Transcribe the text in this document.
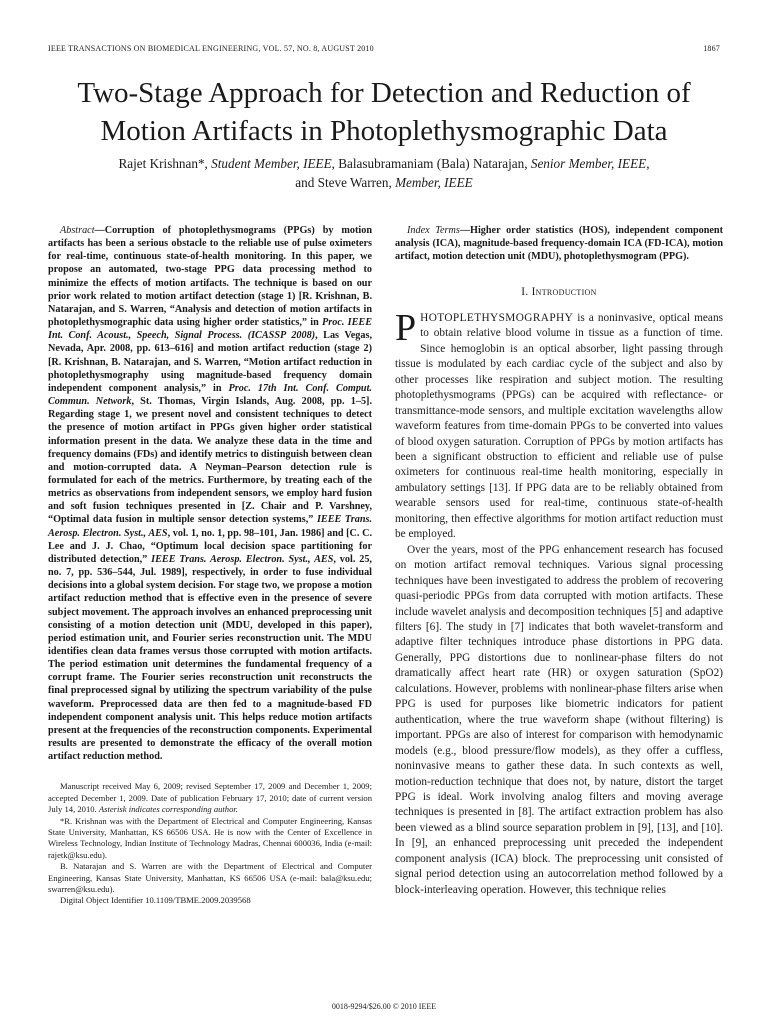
IEEE TRANSACTIONS ON BIOMEDICAL ENGINEERING, VOL. 57, NO. 8, AUGUST 2010	1867
Two-Stage Approach for Detection and Reduction of
Motion Artifacts in Photoplethysmographic Data
Rajet Krishnan*, Student Member, IEEE, Balasubramaniam (Bala) Natarajan, Senior Member, IEEE,
and Steve Warren, Member, IEEE

Abstract—Corruption of photoplethysmograms (PPGs) by motion artifacts has been a serious obstacle to the reliable use of pulse oximeters for real-time, continuous state-of-health monitoring. In this paper, we propose an automated, two-stage PPG data processing method to minimize the effects of motion artifacts. The technique is based on our prior work related to motion artifact detection (stage 1) [R. Krishnan, B. Natarajan, and S. Warren, “Analysis and detection of motion artifacts in photoplethysmographic data using higher order statistics,” in Proc. IEEE Int. Conf. Acoust., Speech, Signal Process. (ICASSP 2008), Las Vegas, Nevada, Apr. 2008, pp. 613–616] and motion artifact reduction (stage 2) [R. Krishnan, B. Natarajan, and S. Warren, “Motion artifact reduction in photoplethysmography using magnitude-based frequency domain independent component analysis,” in Proc. 17th Int. Conf. Comput. Commun. Network, St. Thomas, Virgin Islands, Aug. 2008, pp. 1–5]. Regarding stage 1, we present novel and consistent techniques to detect the presence of motion artifact in PPGs given higher order statistical information present in the data. We analyze these data in the time and frequency domains (FDs) and identify metrics to distinguish between clean and motion-corrupted data. A Neyman–Pearson detection rule is formulated for each of the metrics. Furthermore, by treating each of the metrics as observations from independent sensors, we employ hard fusion and soft fusion techniques presented in [Z. Chair and P. Varshney, “Optimal data fusion in multiple sensor detection systems,” IEEE Trans. Aerosp. Electron. Syst., AES, vol. 1, no. 1, pp. 98–101, Jan. 1986] and [C. C. Lee and J. J. Chao, “Optimum local decision space partitioning for distributed detection,” IEEE Trans. Aerosp. Electron. Syst., AES, vol. 25, no. 7, pp. 536–544, Jul. 1989], respectively, in order to fuse individual decisions into a global system decision. For stage two, we propose a motion artifact reduction method that is effective even in the presence of severe subject movement. The approach involves an enhanced preprocessing unit consisting of a motion detection unit (MDU, developed in this paper), period estimation unit, and Fourier series reconstruction unit. The MDU identifies clean data frames versus those corrupted with motion artifacts. The period estimation unit determines the fundamental frequency of a corrupt frame. The Fourier series reconstruction unit reconstructs the final preprocessed signal by utilizing the spectrum variability of the pulse waveform. Preprocessed data are then fed to a magnitude-based FD independent component analysis unit. This helps reduce motion artifacts present at the frequencies of the reconstruction components. Experimental results are presented to demonstrate the efficacy of the overall motion artifact reduction method.

Manuscript received May 6, 2009; revised September 17, 2009 and December 1, 2009; accepted December 1, 2009. Date of publication February 17, 2010; date of current version July 14, 2010. Asterisk indicates corresponding author.

*R. Krishnan was with the Department of Electrical and Computer Engineering, Kansas State University, Manhattan, KS 66506 USA. He is now with the Center of Excellence in Wireless Technology, Indian Institute of Technology Madras, Chennai 600036, India (e-mail: rajetk@ksu.edu).

B. Natarajan and S. Warren are with the Department of Electrical and Computer Engineering, Kansas State University, Manhattan, KS 66506 USA (e-mail: bala@ksu.edu; swarren@ksu.edu).

Digital Object Identifier 10.1109/TBME.2009.2039568

Index Terms—Higher order statistics (HOS), independent component analysis (ICA), magnitude-based frequency-domain ICA (FD-ICA), motion artifact, motion detection unit (MDU), photoplethysmogram (PPG).

I. Introduction

PHOTOPLETHYSMOGRAPHY is a noninvasive, optical means to obtain relative blood volume in tissue as a function of time. Since hemoglobin is an optical absorber, light passing through tissue is modulated by each cardiac cycle of the subject and also by other processes like respiration and subject motion. The resulting photoplethysmograms (PPGs) can be acquired with reflectance- or transmittance-mode sensors, and multiple excitation wavelengths allow waveform features from time-domain PPGs to be converted into values of blood oxygen saturation. Corruption of PPGs by motion artifacts has been a significant obstruction to efficient and reliable use of pulse oximeters for continuous real-time health monitoring, especially in ambulatory settings [13]. If PPG data are to be reliably obtained from wearable sensors used for real-time, continuous state-of-health monitoring, then effective algorithms for motion artifact reduction must be employed.

Over the years, most of the PPG enhancement research has focused on motion artifact removal techniques. Various signal processing techniques have been investigated to address the problem of recovering quasi-periodic PPGs from data corrupted with motion artifacts. These include wavelet analysis and decomposition techniques [5] and adaptive filters [6]. The study in [7] indicates that both wavelet-transform and adaptive filter techniques introduce phase distortions in PPG data. Generally, PPG distortions due to nonlinear-phase filters do not dramatically affect heart rate (HR) or oxygen saturation (SpO2) calculations. However, problems with nonlinear-phase filters arise when PPG is used for purposes like biometric indicators for patient authentication, where the true waveform shape (without filtering) is important. PPGs are also of interest for comparison with hemodynamic models (e.g., blood pressure/flow models), as they offer a cuffless, noninvasive means to gather these data. In such contexts as well, motion-reduction technique that does not, by nature, distort the target PPG is ideal. Work involving analog filters and moving average techniques is presented in [8]. The artifact extraction problem has also been viewed as a blind source separation problem in [9], [13], and [10]. In [9], an enhanced preprocessing unit preceded the independent component analysis (ICA) block. The preprocessing unit consisted of signal period detection using an autocorrelation method followed by a block-interleaving operation. However, this technique relies

0018-9294/$26.00 © 2010 IEEE
